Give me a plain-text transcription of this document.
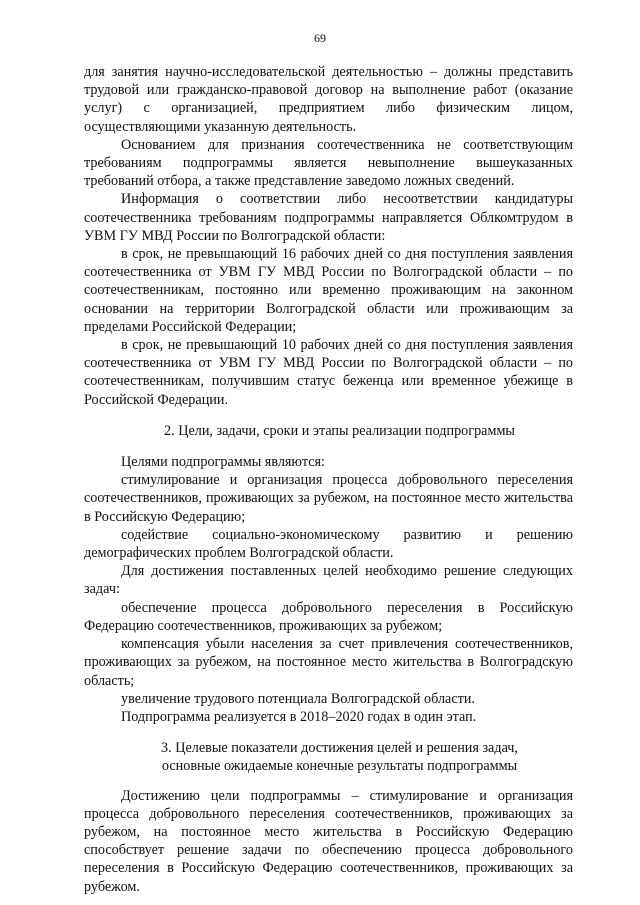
69

для занятия научно-исследовательской деятельностью – должны представить трудовой или гражданско-правовой договор на выполнение работ (оказание услуг) с организацией, предприятием либо физическим лицом, осуществляющими указанную деятельность.

Основанием для признания соотечественника не соответствующим требованиям подпрограммы является невыполнение вышеуказанных требований отбора, а также представление заведомо ложных сведений.

Информация о соответствии либо несоответствии кандидатуры соотечественника требованиям подпрограммы направляется Облкомтрудом в УВМ ГУ МВД России по Волгоградской области:

в срок, не превышающий 16 рабочих дней со дня поступления заявления соотечественника от УВМ ГУ МВД России по Волгоградской области – по соотечественникам, постоянно или временно проживающим на законном основании на территории Волгоградской области или проживающим за пределами Российской Федерации;

в срок, не превышающий 10 рабочих дней со дня поступления заявления соотечественника от УВМ ГУ МВД России по Волгоградской области – по соотечественникам, получившим статус беженца или временное убежище в Российской Федерации.

2. Цели, задачи, сроки и этапы реализации подпрограммы

Целями подпрограммы являются:

стимулирование и организация процесса добровольного переселения соотечественников, проживающих за рубежом, на постоянное место жительства в Российскую Федерацию;

содействие социально-экономическому развитию и решению демографических проблем Волгоградской области.

Для достижения поставленных целей необходимо решение следующих задач:

обеспечение процесса добровольного переселения в Российскую Федерацию соотечественников, проживающих за рубежом;

компенсация убыли населения за счет привлечения соотечественников, проживающих за рубежом, на постоянное место жительства в Волгоградскую область;

увеличение трудового потенциала Волгоградской области.

Подпрограмма реализуется в 2018–2020 годах в один этап.

3. Целевые показатели достижения целей и решения задач,

основные ожидаемые конечные результаты подпрограммы

Достижению цели подпрограммы – стимулирование и организация процесса добровольного переселения соотечественников, проживающих за рубежом, на постоянное место жительства в Российскую Федерацию способствует решение задачи по обеспечению процесса добровольного переселения в Российскую Федерацию соотечественников, проживающих за рубежом.
